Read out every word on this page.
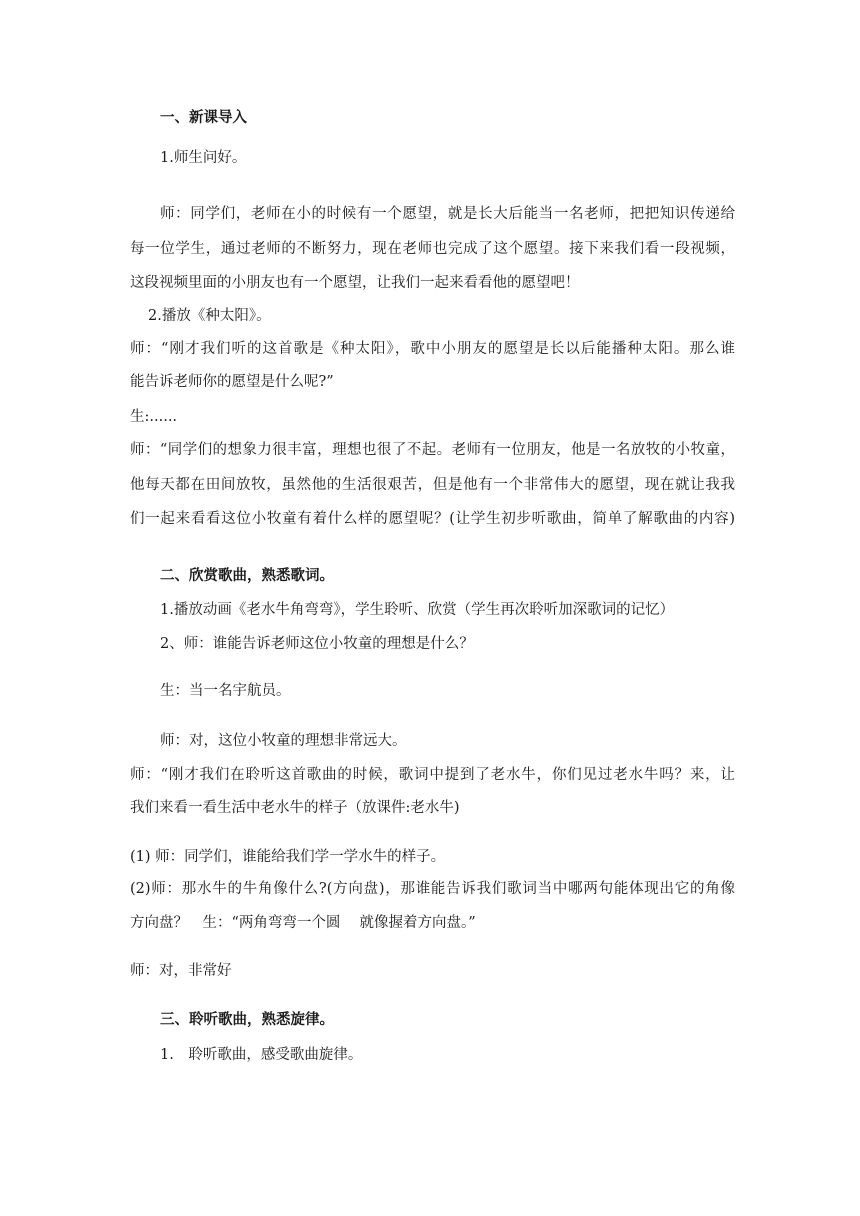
一、新课导入
1.师生问好。
师：同学们，老师在小的时候有一个愿望，就是长大后能当一名老师，把把知识传递给
每一位学生，通过老师的不断努力，现在老师也完成了这个愿望。接下来我们看一段视频，
这段视频里面的小朋友也有一个愿望，让我们一起来看看他的愿望吧！
2.播放《种太阳》。
师：“刚才我们听的这首歌是《种太阳》，歌中小朋友的愿望是长以后能播种太阳。那么谁
能告诉老师你的愿望是什么呢?”
生:......
师：“同学们的想象力很丰富，理想也很了不起。老师有一位朋友，他是一名放牧的小牧童，
他每天都在田间放牧，虽然他的生活很艰苦，但是他有一个非常伟大的愿望，现在就让我我
们一起来看看这位小牧童有着什么样的愿望呢？(让学生初步听歌曲，简单了解歌曲的内容)
二、欣赏歌曲，熟悉歌词。
1.播放动画《老水牛角弯弯》，学生聆听、欣赏（学生再次聆听加深歌词的记忆）
2、师：谁能告诉老师这位小牧童的理想是什么？
生：当一名宇航员。
师：对，这位小牧童的理想非常远大。
师：“刚才我们在聆听这首歌曲的时候，歌词中提到了老水牛，你们见过老水牛吗？来，让
我们来看一看生活中老水牛的样子（放课件:老水牛)
(1) 师：同学们，谁能给我们学一学水牛的样子。
(2)师：那水牛的牛角像什么?(方向盘)，那谁能告诉我们歌词当中哪两句能体现出它的角像
方向盘？　生：“两角弯弯一个圆　 就像握着方向盘。”
师：对，非常好
三、聆听歌曲，熟悉旋律。
1.　聆听歌曲，感受歌曲旋律。
